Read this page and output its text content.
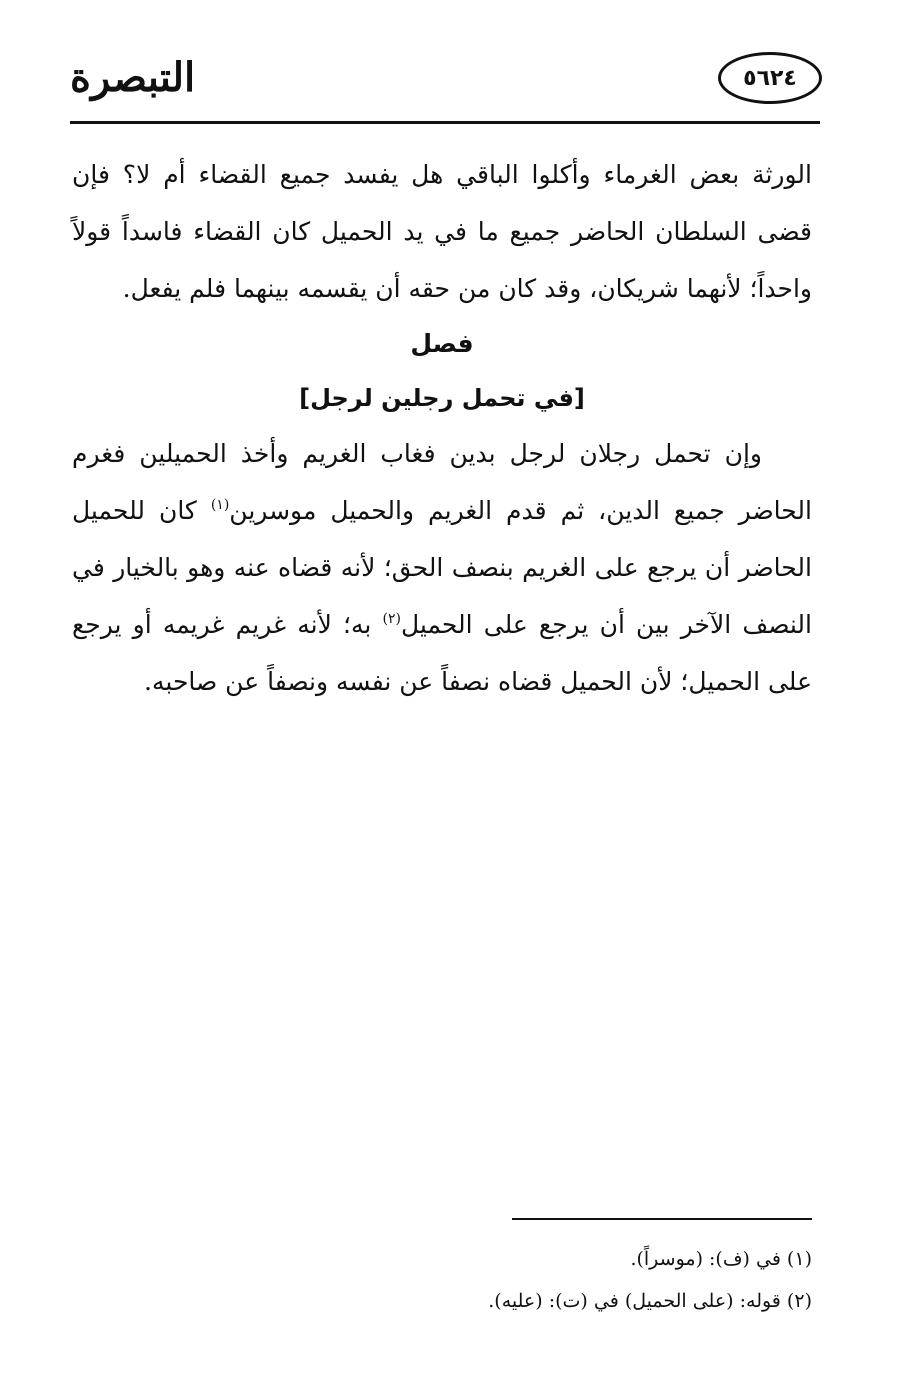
التبصرة	٥٦٢٤

الورثة بعض الغرماء وأكلوا الباقي هل يفسد جميع القضاء أم لا؟ فإن قضى السلطان الحاضر جميع ما في يد الحميل كان القضاء فاسداً قولاً واحداً؛ لأنهما شريكان، وقد كان من حقه أن يقسمه بينهما فلم يفعل.

فصل

[في تحمل رجلين لرجل]

وإن تحمل رجلان لرجل بدين فغاب الغريم وأخذ الحميلين فغرم الحاضر جميع الدين، ثم قدم الغريم والحميل موسرين$^{(١)}$ كان للحميل الحاضر أن يرجع على الغريم بنصف الحق؛ لأنه قضاه عنه وهو بالخيار في النصف الآخر بين أن يرجع على الحميل$^{(٢)}$ به؛ لأنه غريم غريمه أو يرجع على الحميل؛ لأن الحميل قضاه نصفاً عن نفسه ونصفاً عن صاحبه.

(١) في (ف): (موسراً).
(٢) قوله: (على الحميل) في (ت): (عليه).
